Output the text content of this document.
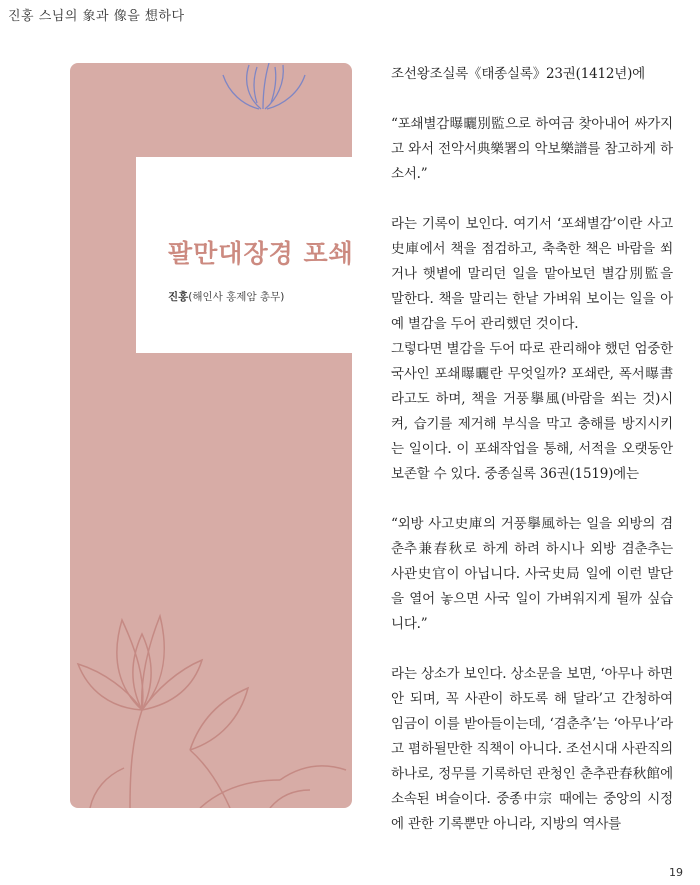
진홍 스님의 象과 像을 想하다
팔만대장경 포쇄
진홍(해인사 홍제암 총무)

조선왕조실록《태종실록》23권(1412년)에

“포쇄별감曝曬別監으로 하여금 찾아내어 싸가지고 와서 전악서典樂署의 악보樂譜를 참고하게 하소서.”

라는 기록이 보인다. 여기서 ‘포쇄별감’이란 사고史庫에서 책을 점검하고, 축축한 책은 바람을 쐬거나 햇볕에 말리던 일을 맡아보던 별감別監을 말한다. 책을 말리는 한낱 가벼워 보이는 일을 아예 별감을 두어 관리했던 것이다.

그렇다면 별감을 두어 따로 관리해야 했던 엄중한 국사인 포쇄曝曬란 무엇일까? 포쇄란, 폭서曝書라고도 하며, 책을 거풍擧風(바람을 쐬는 것)시켜, 습기를 제거해 부식을 막고 충해를 방지시키는 일이다. 이 포쇄작업을 통해, 서적을 오랫동안 보존할 수 있다. 중종실록 36권(1519)에는

“외방 사고史庫의 거풍擧風하는 일을 외방의 겸춘추兼春秋로 하게 하려 하시나 외방 겸춘추는 사관史官이 아닙니다. 사국史局 일에 이런 발단을 열어 놓으면 사국 일이 가벼워지게 될까 싶습니다.”

라는 상소가 보인다. 상소문을 보면, ‘아무나 하면 안 되며, 꼭 사관이 하도록 해 달라’고 간청하여 임금이 이를 받아들이는데, ‘겸춘추’는 ‘아무나’라고 폄하될만한 직책이 아니다. 조선시대 사관직의 하나로, 정무를 기록하던 관청인 춘추관春秋館에 소속된 벼슬이다. 중종中宗 때에는 중앙의 시정에 관한 기록뿐만 아니라, 지방의 역사를

19
